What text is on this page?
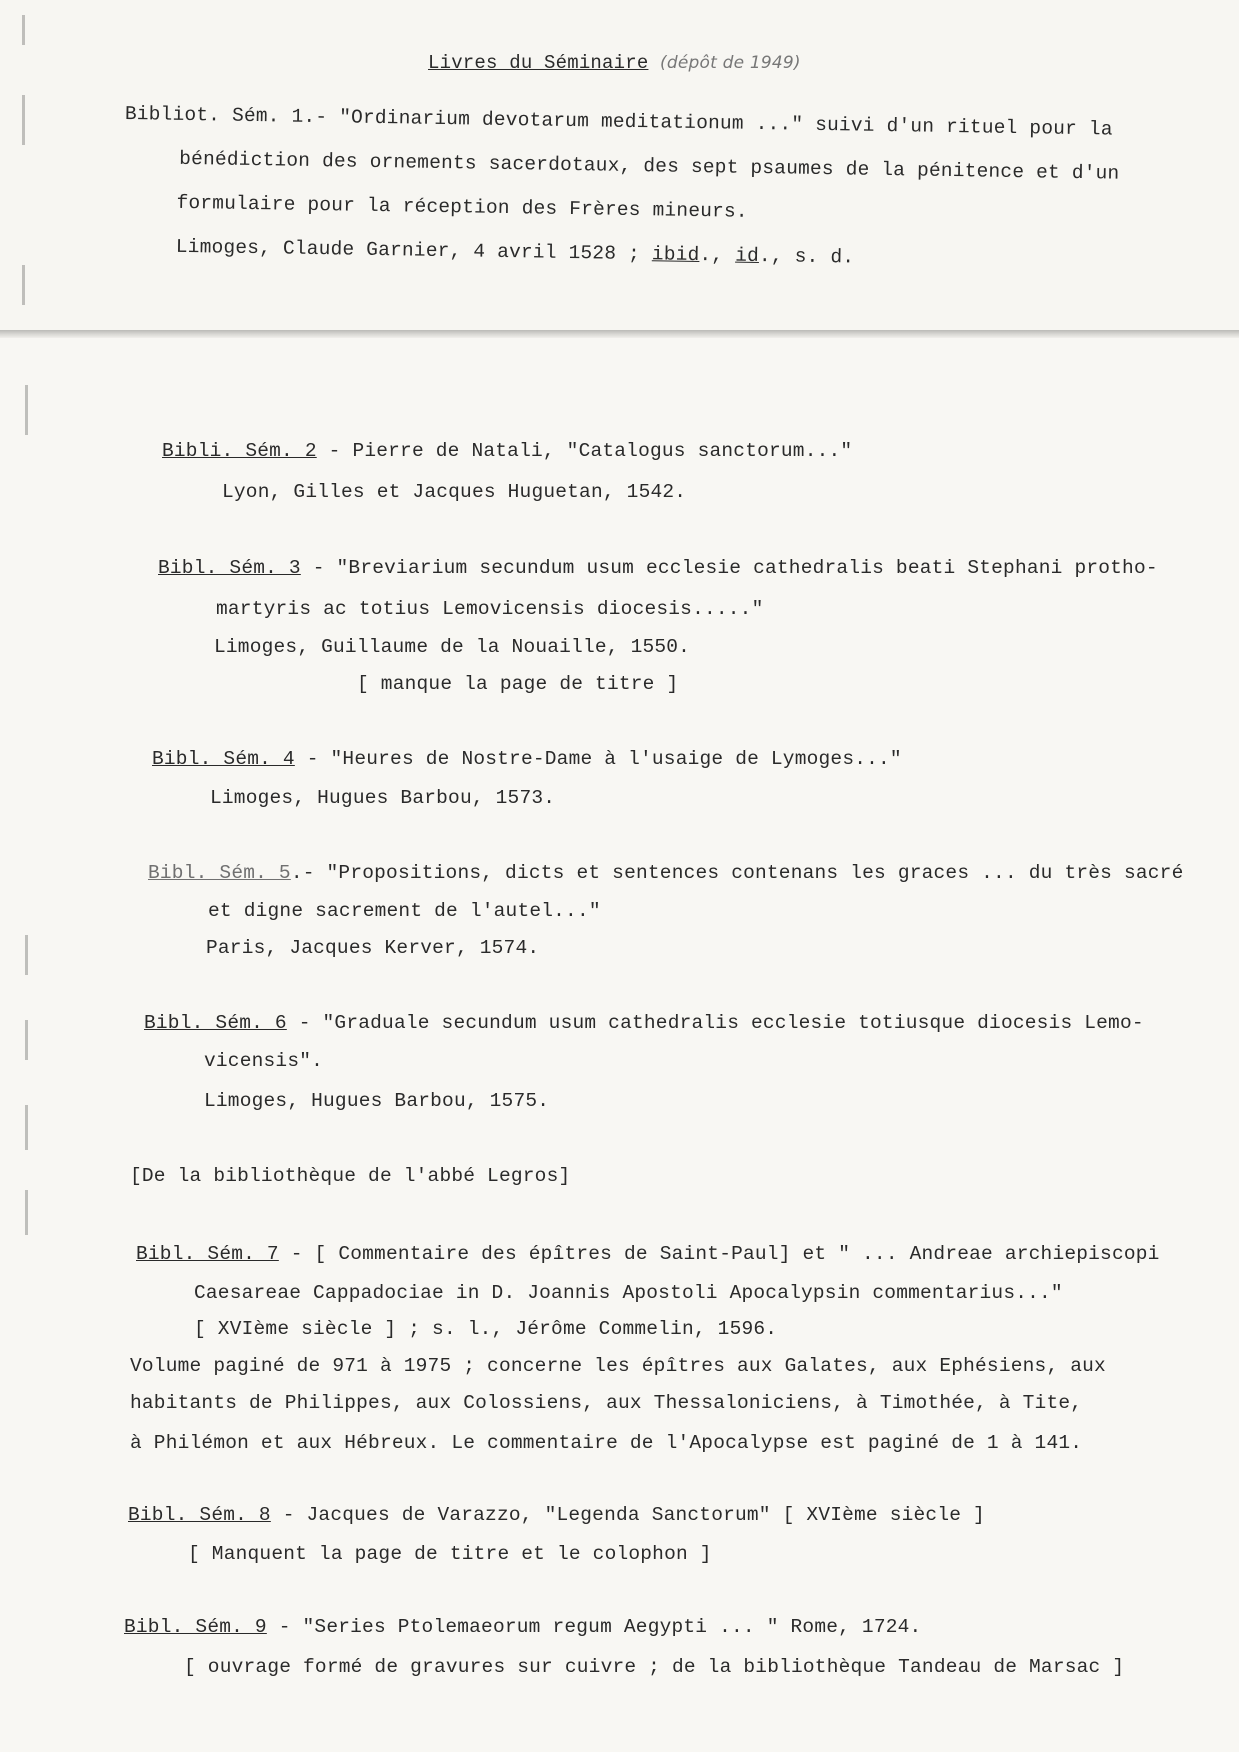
Livres du Séminaire (dépôt de 1949)
Bibliot. Sém. 1.- "Ordinarium devotarum meditationum ..." suivi d'un rituel pour la
bénédiction des ornements sacerdotaux, des sept psaumes de la pénitence et d'un
formulaire pour la réception des Frères mineurs.
Limoges, Claude Garnier, 4 avril 1528 ; ibid., id., s. d.
Bibli. Sém. 2 - Pierre de Natali, "Catalogus sanctorum..."
Lyon, Gilles et Jacques Huguetan, 1542.
Bibl. Sém. 3 - "Breviarium secundum usum ecclesie cathedralis beati Stephani protho-
martyris ac totius Lemovicensis diocesis....."
Limoges, Guillaume de la Nouaille, 1550.
[ manque la page de titre ]
Bibl. Sém. 4 - "Heures de Nostre-Dame à l'usaige de Lymoges..."
Limoges, Hugues Barbou, 1573.
Bibl. Sém. 5.- "Propositions, dicts et sentences contenans les graces ... du très sacré
et digne sacrement de l'autel..."
Paris, Jacques Kerver, 1574.
Bibl. Sém. 6 - "Graduale secundum usum cathedralis ecclesie totiusque diocesis Lemo-
vicensis".
Limoges, Hugues Barbou, 1575.
[De la bibliothèque de l'abbé Legros]
Bibl. Sém. 7 - [ Commentaire des épîtres de Saint-Paul] et " ... Andreae archiepiscopi
Caesareae Cappadociae in D. Joannis Apostoli Apocalypsin commentarius..."
[ XVIème siècle ] ; s. l., Jérôme Commelin, 1596.
Volume paginé de 971 à 1975 ; concerne les épîtres aux Galates, aux Ephésiens, aux
habitants de Philippes, aux Colossiens, aux Thessaloniciens, à Timothée, à Tite,
à Philémon et aux Hébreux. Le commentaire de l'Apocalypse est paginé de 1 à 141.
Bibl. Sém. 8 - Jacques de Varazzo, "Legenda Sanctorum" [ XVIème siècle ]
[ Manquent la page de titre et le colophon ]
Bibl. Sém. 9 - "Series Ptolemaeorum regum Aegypti ... " Rome, 1724.
[ ouvrage formé de gravures sur cuivre ; de la bibliothèque Tandeau de Marsac ]
